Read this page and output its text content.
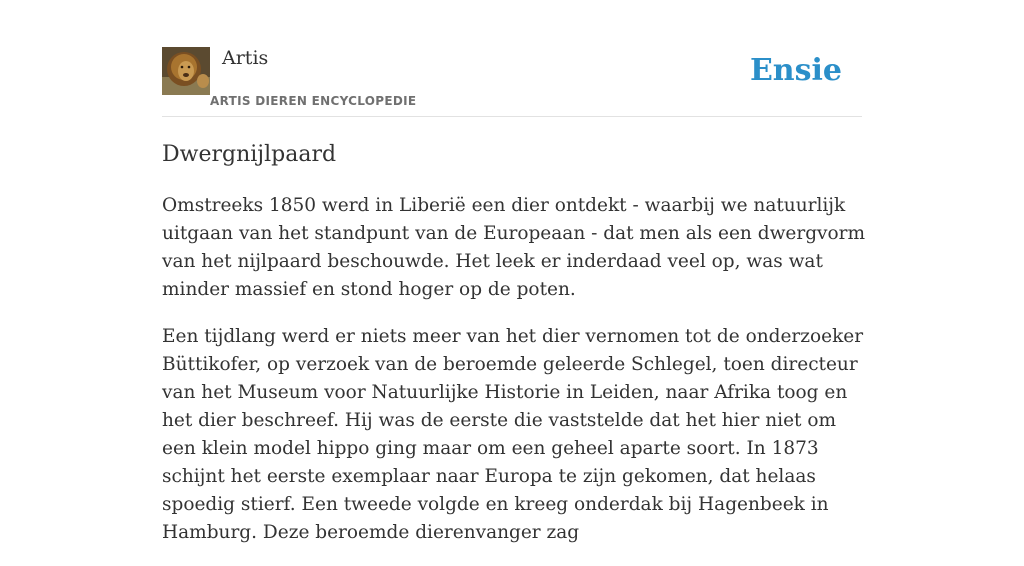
Artis
ARTIS DIEREN ENCYCLOPEDIE
Ensie
Dwergnijlpaard

Omstreeks 1850 werd in Liberië een dier ontdekt - waarbij we natuurlijk uitgaan van het standpunt van de Europeaan - dat men als een dwergvorm van het nijlpaard beschouwde. Het leek er inderdaad veel op, was wat minder massief en stond hoger op de poten.

Een tijdlang werd er niets meer van het dier vernomen tot de onderzoeker Büttikofer, op verzoek van de beroemde geleerde Schlegel, toen directeur van het Museum voor Natuurlijke Historie in Leiden, naar Afrika toog en het dier beschreef. Hij was de eerste die vaststelde dat het hier niet om een klein model hippo ging maar om een geheel aparte soort. In 1873 schijnt het eerste exemplaar naar Europa te zijn gekomen, dat helaas spoedig stierf. Een tweede volgde en kreeg onderdak bij Hagenbeek in Hamburg. Deze beroemde dierenvanger zag
